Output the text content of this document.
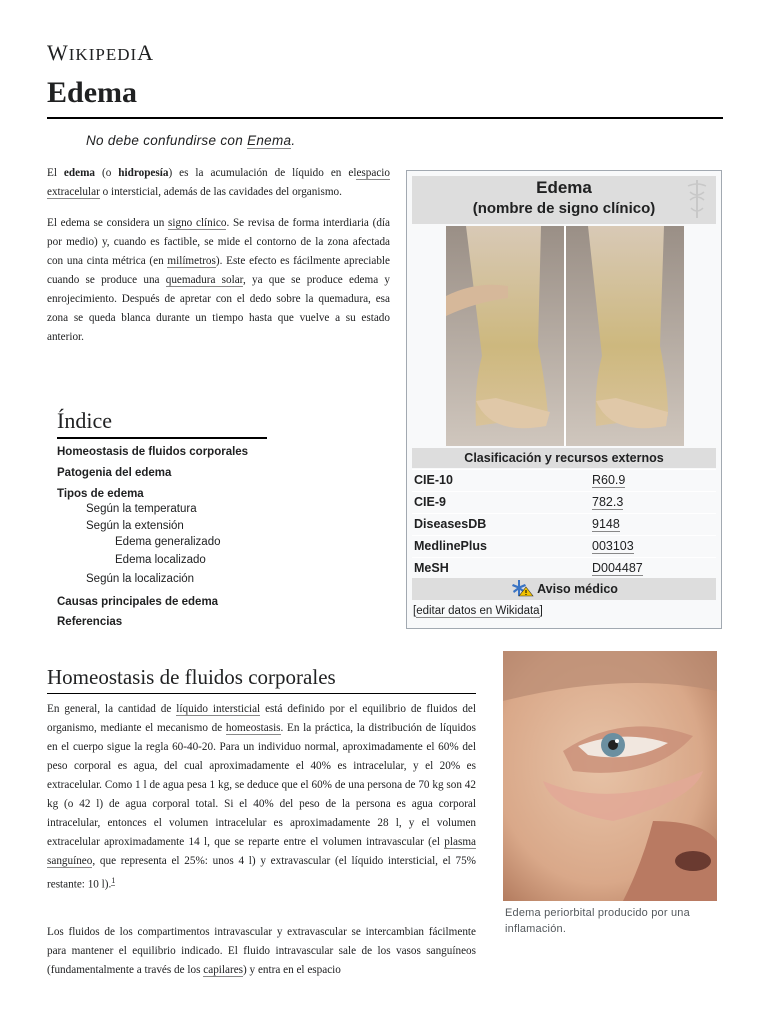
WIKIPEDIA
Edema
No debe confundirse con Enema.
El edema (o hidropesía) es la acumulación de líquido en elespacio extracelular o intersticial, además de las cavidades del organismo.
El edema se considera un signo clínico. Se revisa de forma interdiaria (día por medio) y, cuando es factible, se mide el contorno de la zona afectada con una cinta métrica (en milímetros). Este efecto es fácilmente apreciable cuando se produce una quemadura solar, ya que se produce edema y enrojecimiento. Después de apretar con el dedo sobre la quemadura, esa zona se queda blanca durante un tiempo hasta que vuelve a su estado anterior.
Índice
Homeostasis de fluidos corporales
Patogenia del edema
Tipos de edema
Según la temperatura
Según la extensión
Edema generalizado
Edema localizado
Según la localización
Causas principales de edema
Referencias
Edema
(nombre de signo clínico)
Clasificación y recursos externos
CIE-10	R60.9
CIE-9	782.3
DiseasesDB	9148
MedlinePlus	003103
MeSH	D004487
Aviso médico
[editar datos en Wikidata]
Homeostasis de fluidos corporales
En general, la cantidad de líquido intersticial está definido por el equilibrio de fluidos del organismo, mediante el mecanismo de homeostasis. En la práctica, la distribución de líquidos en el cuerpo sigue la regla 60-40-20. Para un individuo normal, aproximadamente el 60% del peso corporal es agua, del cual aproximadamente el 40% es intracelular, y el 20% es extracelular. Como 1 l de agua pesa 1 kg, se deduce que el 60% de una persona de 70 kg son 42 kg (o 42 l) de agua corporal total. Si el 40% del peso de la persona es agua corporal intracelular, entonces el volumen intracelular es aproximadamente 28 l, y el volumen extracelular aproximadamente 14 l, que se reparte entre el volumen intravascular (el plasma sanguíneo, que representa el 25%: unos 4 l) y extravascular (el líquido intersticial, el 75% restante: 10 l).$^1$
Los fluidos de los compartimentos intravascular y extravascular se intercambian fácilmente para mantener el equilibrio indicado. El fluido intravascular sale de los vasos sanguíneos (fundamentalmente a través de los capilares) y entra en el espacio
Edema periorbital producido por una inflamación.
